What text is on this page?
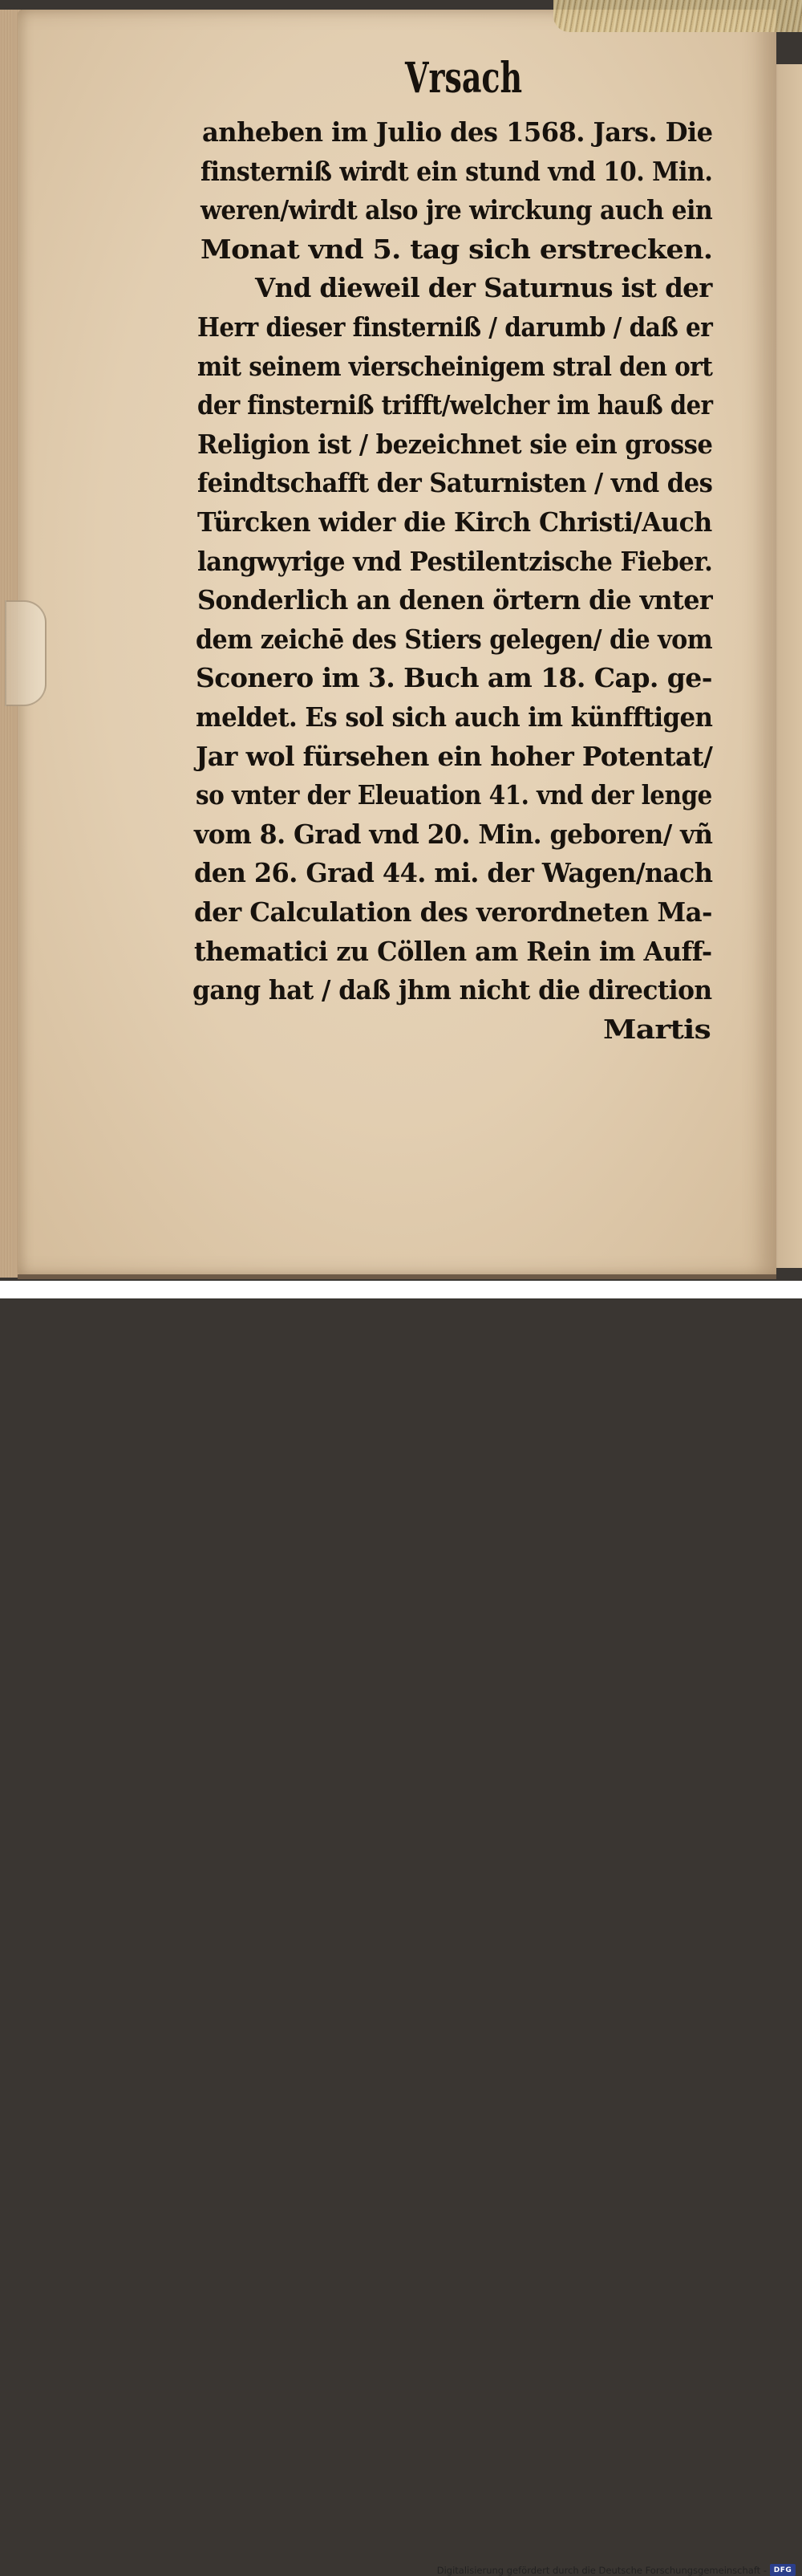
Vrsach
anheben im Julio des 1568. Jars. Die
finsterniß wirdt ein stund vnd 10. Min.
weren/wirdt also jre wirckung auch ein
Monat vnd 5. tag sich erstrecken.
Vnd dieweil der Saturnus ist der
Herr dieser finsterniß / darumb / daß er
mit seinem vierscheinigem stral den ort
der finsterniß trifft/welcher im hauß der
Religion ist / bezeichnet sie ein grosse
feindtschafft der Saturnisten / vnd des
Türcken wider die Kirch Christi/Auch
langwyrige vnd Pestilentzische Fieber.
Sonderlich an denen örtern die vnter
dem zeichē des Stiers gelegen/ die vom
Sconero im 3. Buch am 18. Cap. ge-
meldet. Es sol sich auch im künfftigen
Jar wol fürsehen ein hoher Potentat/
so vnter der Eleuation 41. vnd der lenge
vom 8. Grad vnd 20. Min. geboren/ vñ
den 26. Grad 44. mi. der Wagen/nach
der Calculation des verordneten Ma-
thematici zu Cöllen am Rein im Auff-
gang hat / daß jhm nicht die direction
Martis
Digitalisierung gefördert durch die Deutsche Forschungsgemeinschaft - DFG
